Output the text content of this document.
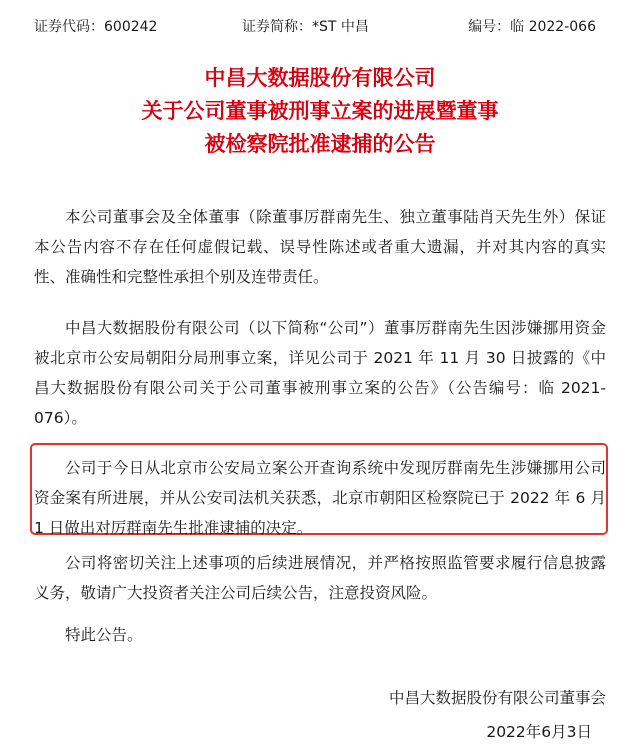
证券代码：600242	证券简称：*ST 中昌	编号：临 2022-066
中昌大数据股份有限公司
关于公司董事被刑事立案的进展暨董事
被检察院批准逮捕的公告

本公司董事会及全体董事（除董事厉群南先生、独立董事陆肖天先生外）保证本公告内容不存在任何虚假记载、误导性陈述或者重大遗漏，并对其内容的真实性、准确性和完整性承担个别及连带责任。

中昌大数据股份有限公司（以下简称“公司”）董事厉群南先生因涉嫌挪用资金被北京市公安局朝阳分局刑事立案，详见公司于 2021 年 11 月 30 日披露的《中昌大数据股份有限公司关于公司董事被刑事立案的公告》（公告编号：临 2021-076）。

公司于今日从北京市公安局立案公开查询系统中发现厉群南先生涉嫌挪用公司资金案有所进展，并从公安司法机关获悉，北京市朝阳区检察院已于 2022 年 6 月 1 日做出对厉群南先生批准逮捕的决定。

公司将密切关注上述事项的后续进展情况，并严格按照监管要求履行信息披露义务，敬请广大投资者关注公司后续公告，注意投资风险。

特此公告。

中昌大数据股份有限公司董事会
2022年6月3日
